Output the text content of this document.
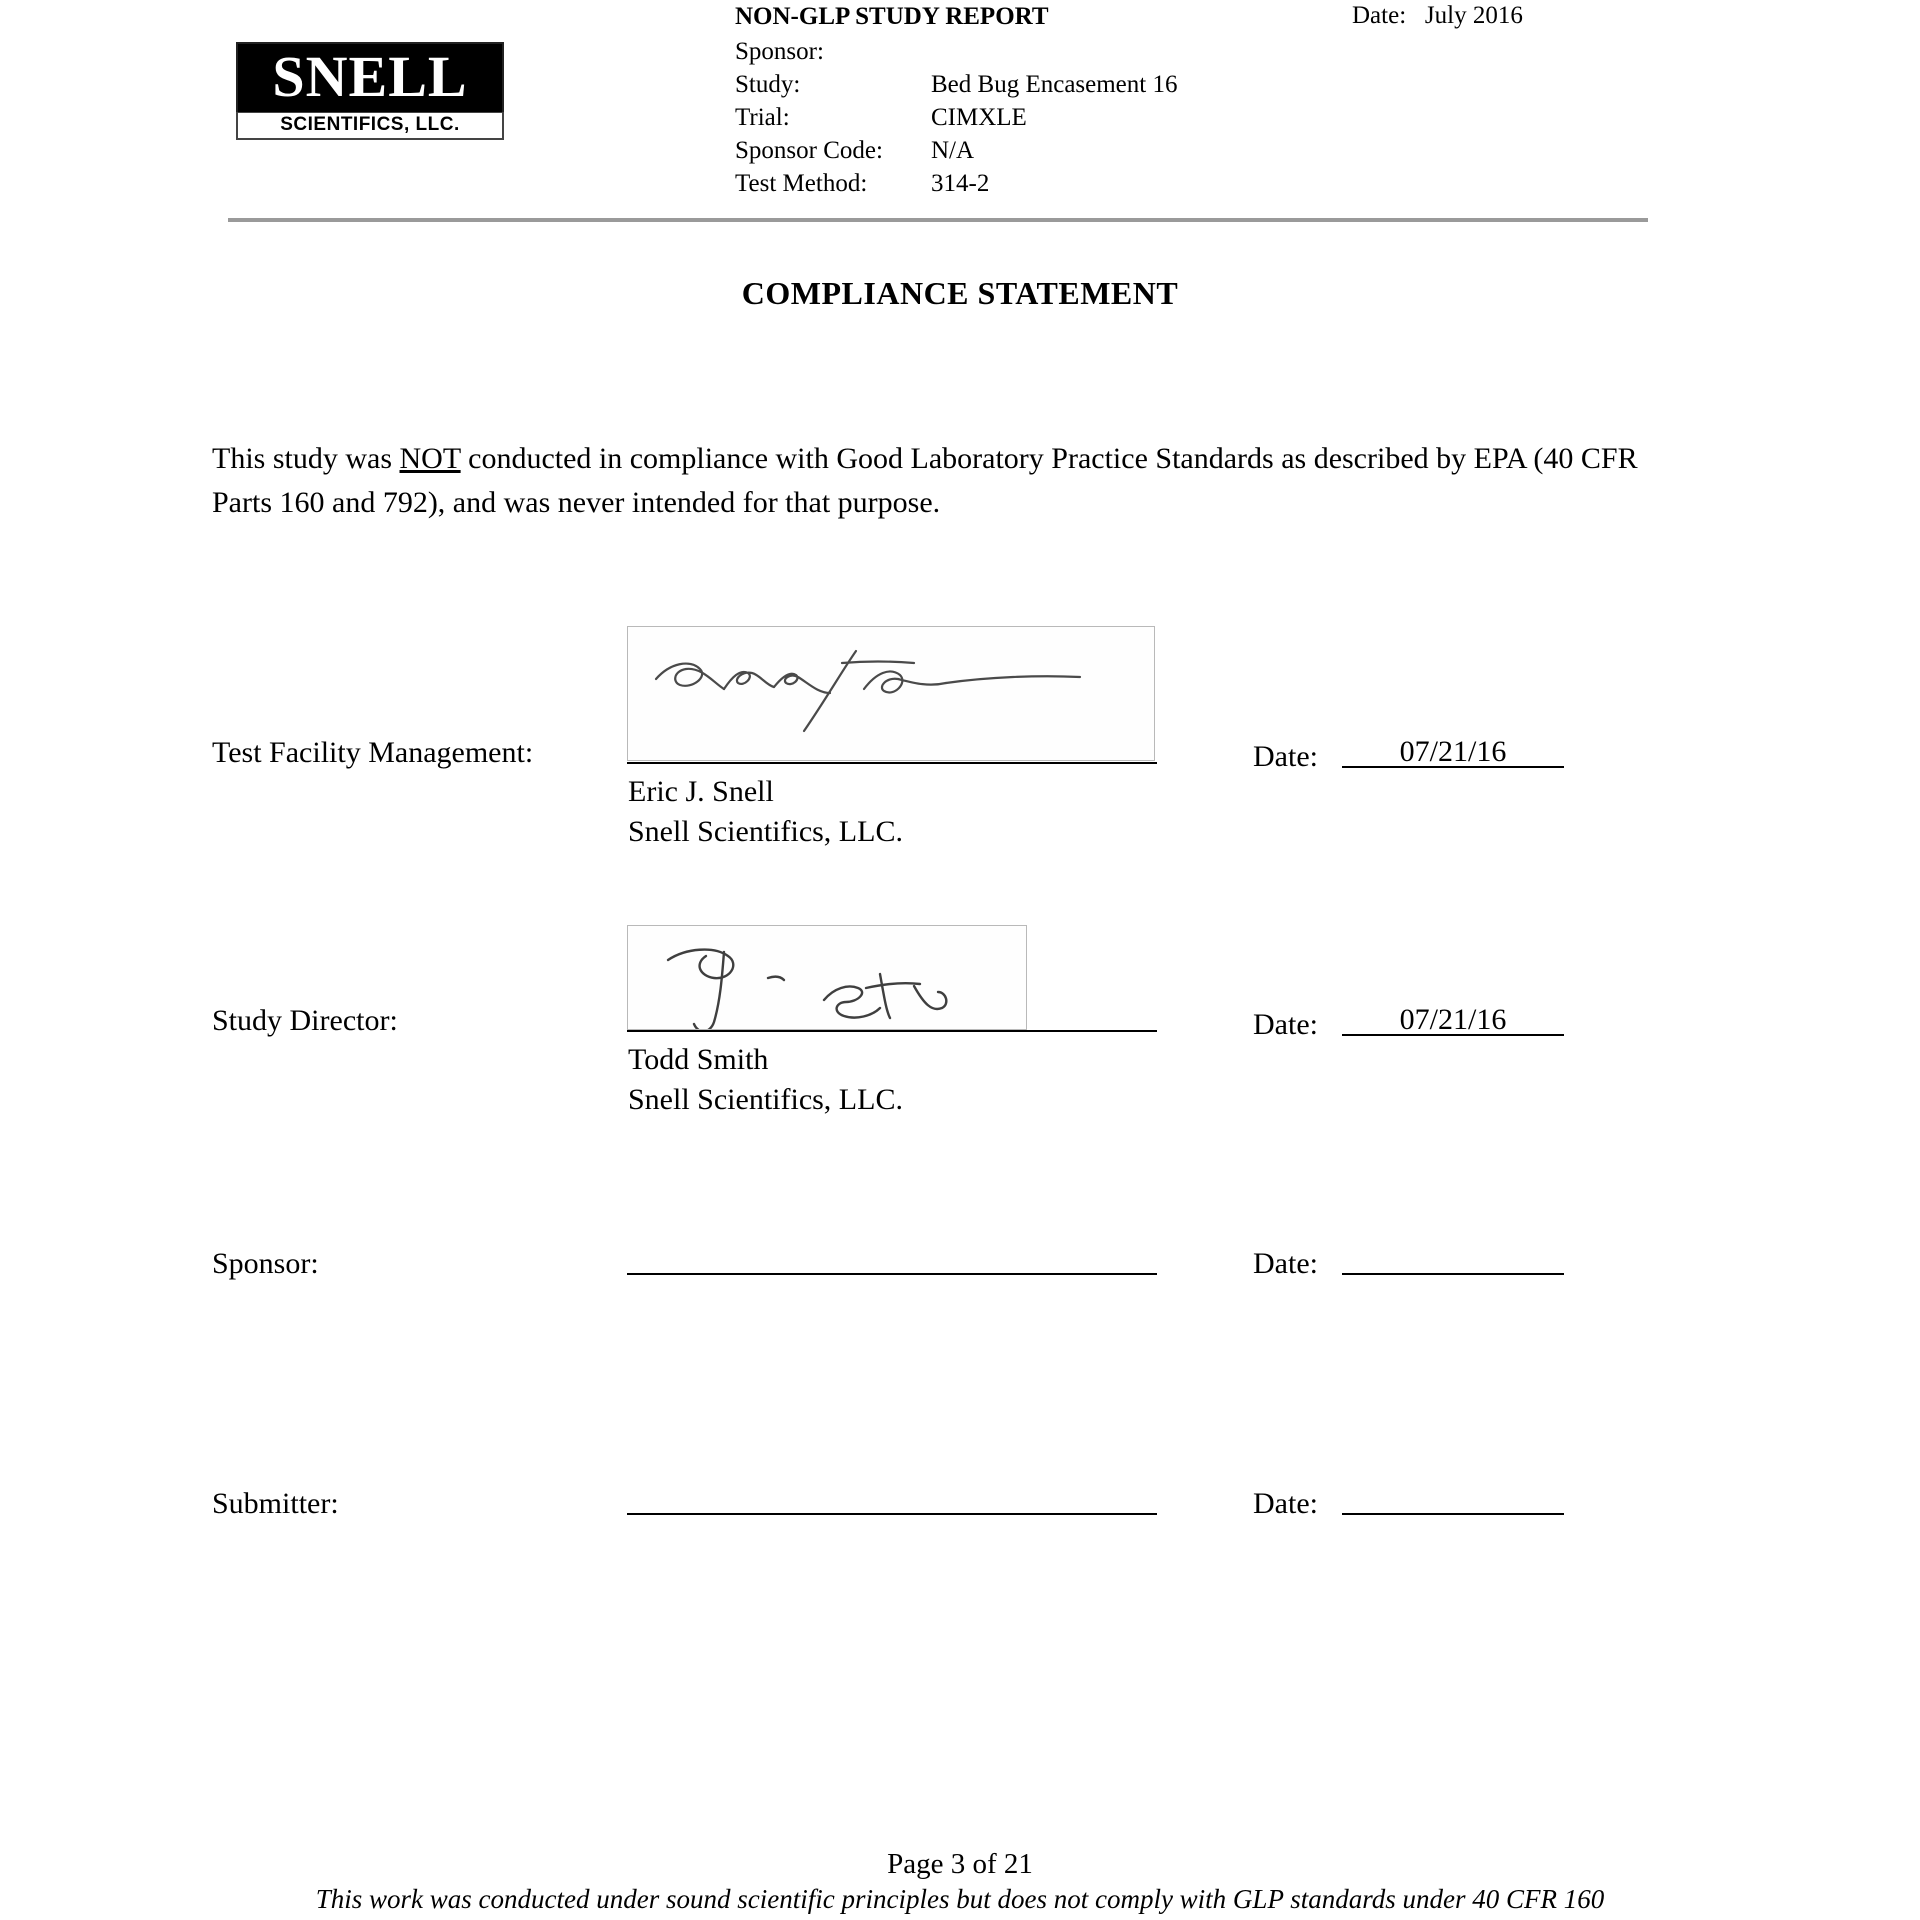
SNELL
SCIENTIFICS, LLC.
NON-GLP STUDY REPORT
Sponsor:
Study:	Bed Bug Encasement 16
Trial:	CIMXLE
Sponsor Code:	N/A
Test Method:	314-2
Date: July 2016
COMPLIANCE STATEMENT
This study was NOT conducted in compliance with Good Laboratory Practice Standards as described by EPA (40 CFR Parts 160 and 792), and was never intended for that purpose.
Test Facility Management:
Eric J. Snell
Snell Scientifics, LLC.
Date:	07/21/16
Study Director:
Todd Smith
Snell Scientifics, LLC.
Date:	07/21/16
Sponsor:	Date:
Submitter:	Date:
Page 3 of 21
This work was conducted under sound scientific principles but does not comply with GLP standards under 40 CFR 160
